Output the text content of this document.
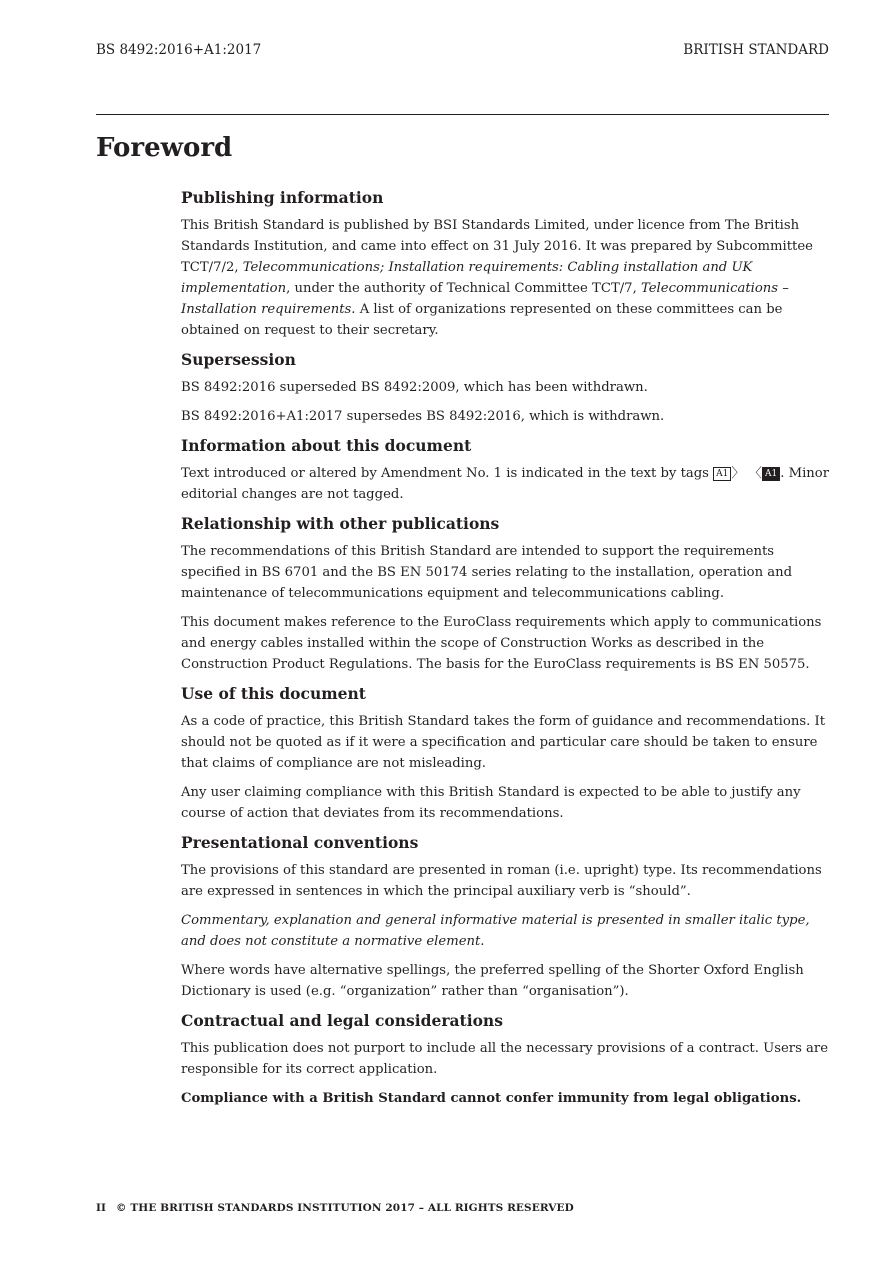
BS 8492:2016+A1:2017	BRITISH STANDARD
Foreword
Publishing information

This British Standard is published by BSI Standards Limited, under licence from The British Standards Institution, and came into effect on 31 July 2016. It was prepared by Subcommittee TCT/7/2, Telecommunications; Installation requirements: Cabling installation and UK implementation, under the authority of Technical Committee TCT/7, Telecommunications – Installation requirements. A list of organizations represented on these committees can be obtained on request to their secretary.

Supersession

BS 8492:2016 superseded BS 8492:2009, which has been withdrawn.

BS 8492:2016+A1:2017 supersedes BS 8492:2016, which is withdrawn.

Information about this document

Text introduced or altered by Amendment No. 1 is indicated in the text by tags A1 〉 〈 A1 . Minor editorial changes are not tagged.

Relationship with other publications

The recommendations of this British Standard are intended to support the requirements specified in BS 6701 and the BS EN 50174 series relating to the installation, operation and maintenance of telecommunications equipment and telecommunications cabling.

This document makes reference to the EuroClass requirements which apply to communications and energy cables installed within the scope of Construction Works as described in the Construction Product Regulations. The basis for the EuroClass requirements is BS EN 50575.

Use of this document

As a code of practice, this British Standard takes the form of guidance and recommendations. It should not be quoted as if it were a specification and particular care should be taken to ensure that claims of compliance are not misleading.

Any user claiming compliance with this British Standard is expected to be able to justify any course of action that deviates from its recommendations.

Presentational conventions

The provisions of this standard are presented in roman (i.e. upright) type. Its recommendations are expressed in sentences in which the principal auxiliary verb is “should”.

Commentary, explanation and general informative material is presented in smaller italic type, and does not constitute a normative element.

Where words have alternative spellings, the preferred spelling of the Shorter Oxford English Dictionary is used (e.g. “organization” rather than “organisation”).

Contractual and legal considerations

This publication does not purport to include all the necessary provisions of a contract. Users are responsible for its correct application.

Compliance with a British Standard cannot confer immunity from legal obligations.

II © THE BRITISH STANDARDS INSTITUTION 2017 – ALL RIGHTS RESERVED
